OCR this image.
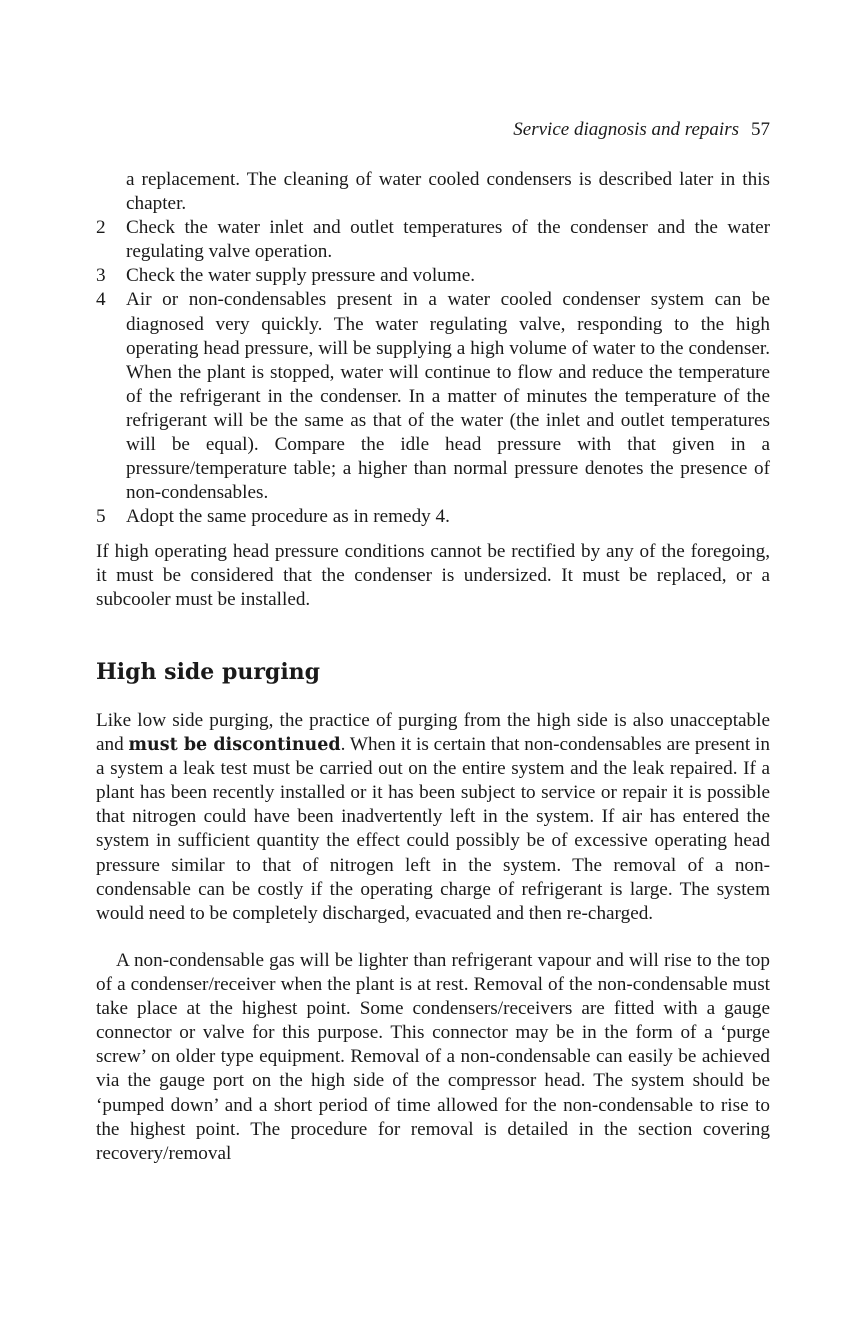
Service diagnosis and repairs 57
a replacement. The cleaning of water cooled condensers is described later in this chapter.
2 Check the water inlet and outlet temperatures of the condenser and the water regulating valve operation.
3 Check the water supply pressure and volume.
4 Air or non-condensables present in a water cooled condenser system can be diagnosed very quickly. The water regulating valve, responding to the high operating head pressure, will be supplying a high volume of water to the condenser. When the plant is stopped, water will continue to flow and reduce the temperature of the refrigerant in the condenser. In a matter of minutes the temperature of the refrigerant will be the same as that of the water (the inlet and outlet temperatures will be equal). Compare the idle head pressure with that given in a pressure/temperature table; a higher than normal pressure denotes the presence of non-condensables.
5 Adopt the same procedure as in remedy 4.
If high operating head pressure conditions cannot be rectified by any of the foregoing, it must be considered that the condenser is undersized. It must be replaced, or a subcooler must be installed.
High side purging

Like low side purging, the practice of purging from the high side is also unacceptable and must be discontinued. When it is certain that non-condensables are present in a system a leak test must be carried out on the entire system and the leak repaired. If a plant has been recently installed or it has been subject to service or repair it is possible that nitrogen could have been inadvertently left in the system. If air has entered the system in sufficient quantity the effect could possibly be of excessive operating head pressure similar to that of nitrogen left in the system. The removal of a non-condensable can be costly if the operating charge of refrigerant is large. The system would need to be completely discharged, evacuated and then re-charged.

A non-condensable gas will be lighter than refrigerant vapour and will rise to the top of a condenser/receiver when the plant is at rest. Removal of the non-condensable must take place at the highest point. Some condensers/receivers are fitted with a gauge connector or valve for this purpose. This connector may be in the form of a ‘purge screw’ on older type equipment. Removal of a non-condensable can easily be achieved via the gauge port on the high side of the compressor head. The system should be ‘pumped down’ and a short period of time allowed for the non-condensable to rise to the highest point. The procedure for removal is detailed in the section covering recovery/removal
